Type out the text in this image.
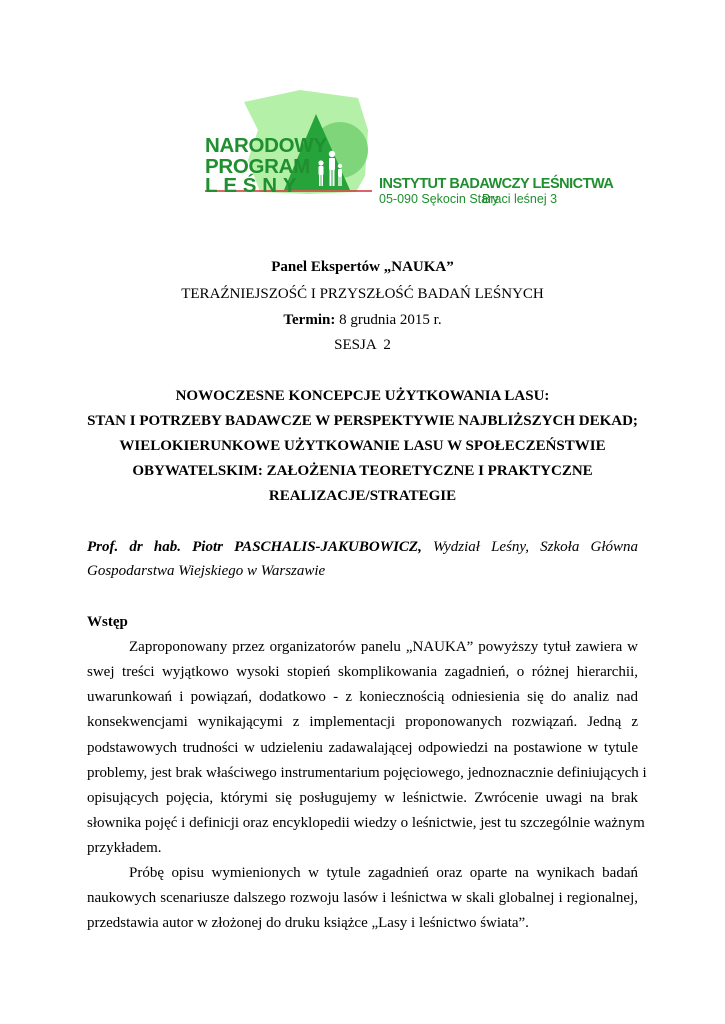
NARODOWY
PROGRAM
LEŚNY	INSTYTUT BADAWCZY LEŚNICTWA
05-090 Sękocin Stary
Braci leśnej 3
Panel Ekspertów „NAUKA”
TERAŹNIEJSZOŚĆ I PRZYSZŁOŚĆ BADAŃ LEŚNYCH
Termin: 8 grudnia 2015 r.
SESJA  2
NOWOCZESNE KONCEPCJE UŻYTKOWANIA LASU:
STAN I POTRZEBY BADAWCZE W PERSPEKTYWIE NAJBLIŻSZYCH DEKAD;
WIELOKIERUNKOWE UŻYTKOWANIE LASU W SPOŁECZEŃSTWIE
OBYWATELSKIM: ZAŁOŻENIA TEORETYCZNE I PRAKTYCZNE
REALIZACJE/STRATEGIE
Prof. dr hab. Piotr PASCHALIS-JAKUBOWICZ, Wydział Leśny, Szkoła Główna
Gospodarstwa Wiejskiego w Warszawie
Wstęp
Zaproponowany przez organizatorów panelu „NAUKA” powyższy tytuł zawiera w
swej treści wyjątkowo wysoki stopień skomplikowania zagadnień, o różnej hierarchii,
uwarunkowań i powiązań, dodatkowo - z koniecznością odniesienia się do analiz nad
konsekwencjami wynikającymi z implementacji proponowanych rozwiązań. Jedną z
podstawowych trudności w udzieleniu zadawalającej odpowiedzi na postawione w tytule
problemy, jest brak właściwego instrumentarium pojęciowego, jednoznacznie definiujących i
opisujących pojęcia, którymi się posługujemy w leśnictwie. Zwrócenie uwagi na brak
słownika pojęć i definicji oraz encyklopedii wiedzy o leśnictwie, jest tu szczególnie ważnym
przykładem.
Próbę opisu wymienionych w tytule zagadnień oraz oparte na wynikach badań
naukowych scenariusze dalszego rozwoju lasów i leśnictwa w skali globalnej i regionalnej,
przedstawia autor w złożonej do druku książce „Lasy i leśnictwo świata”.
